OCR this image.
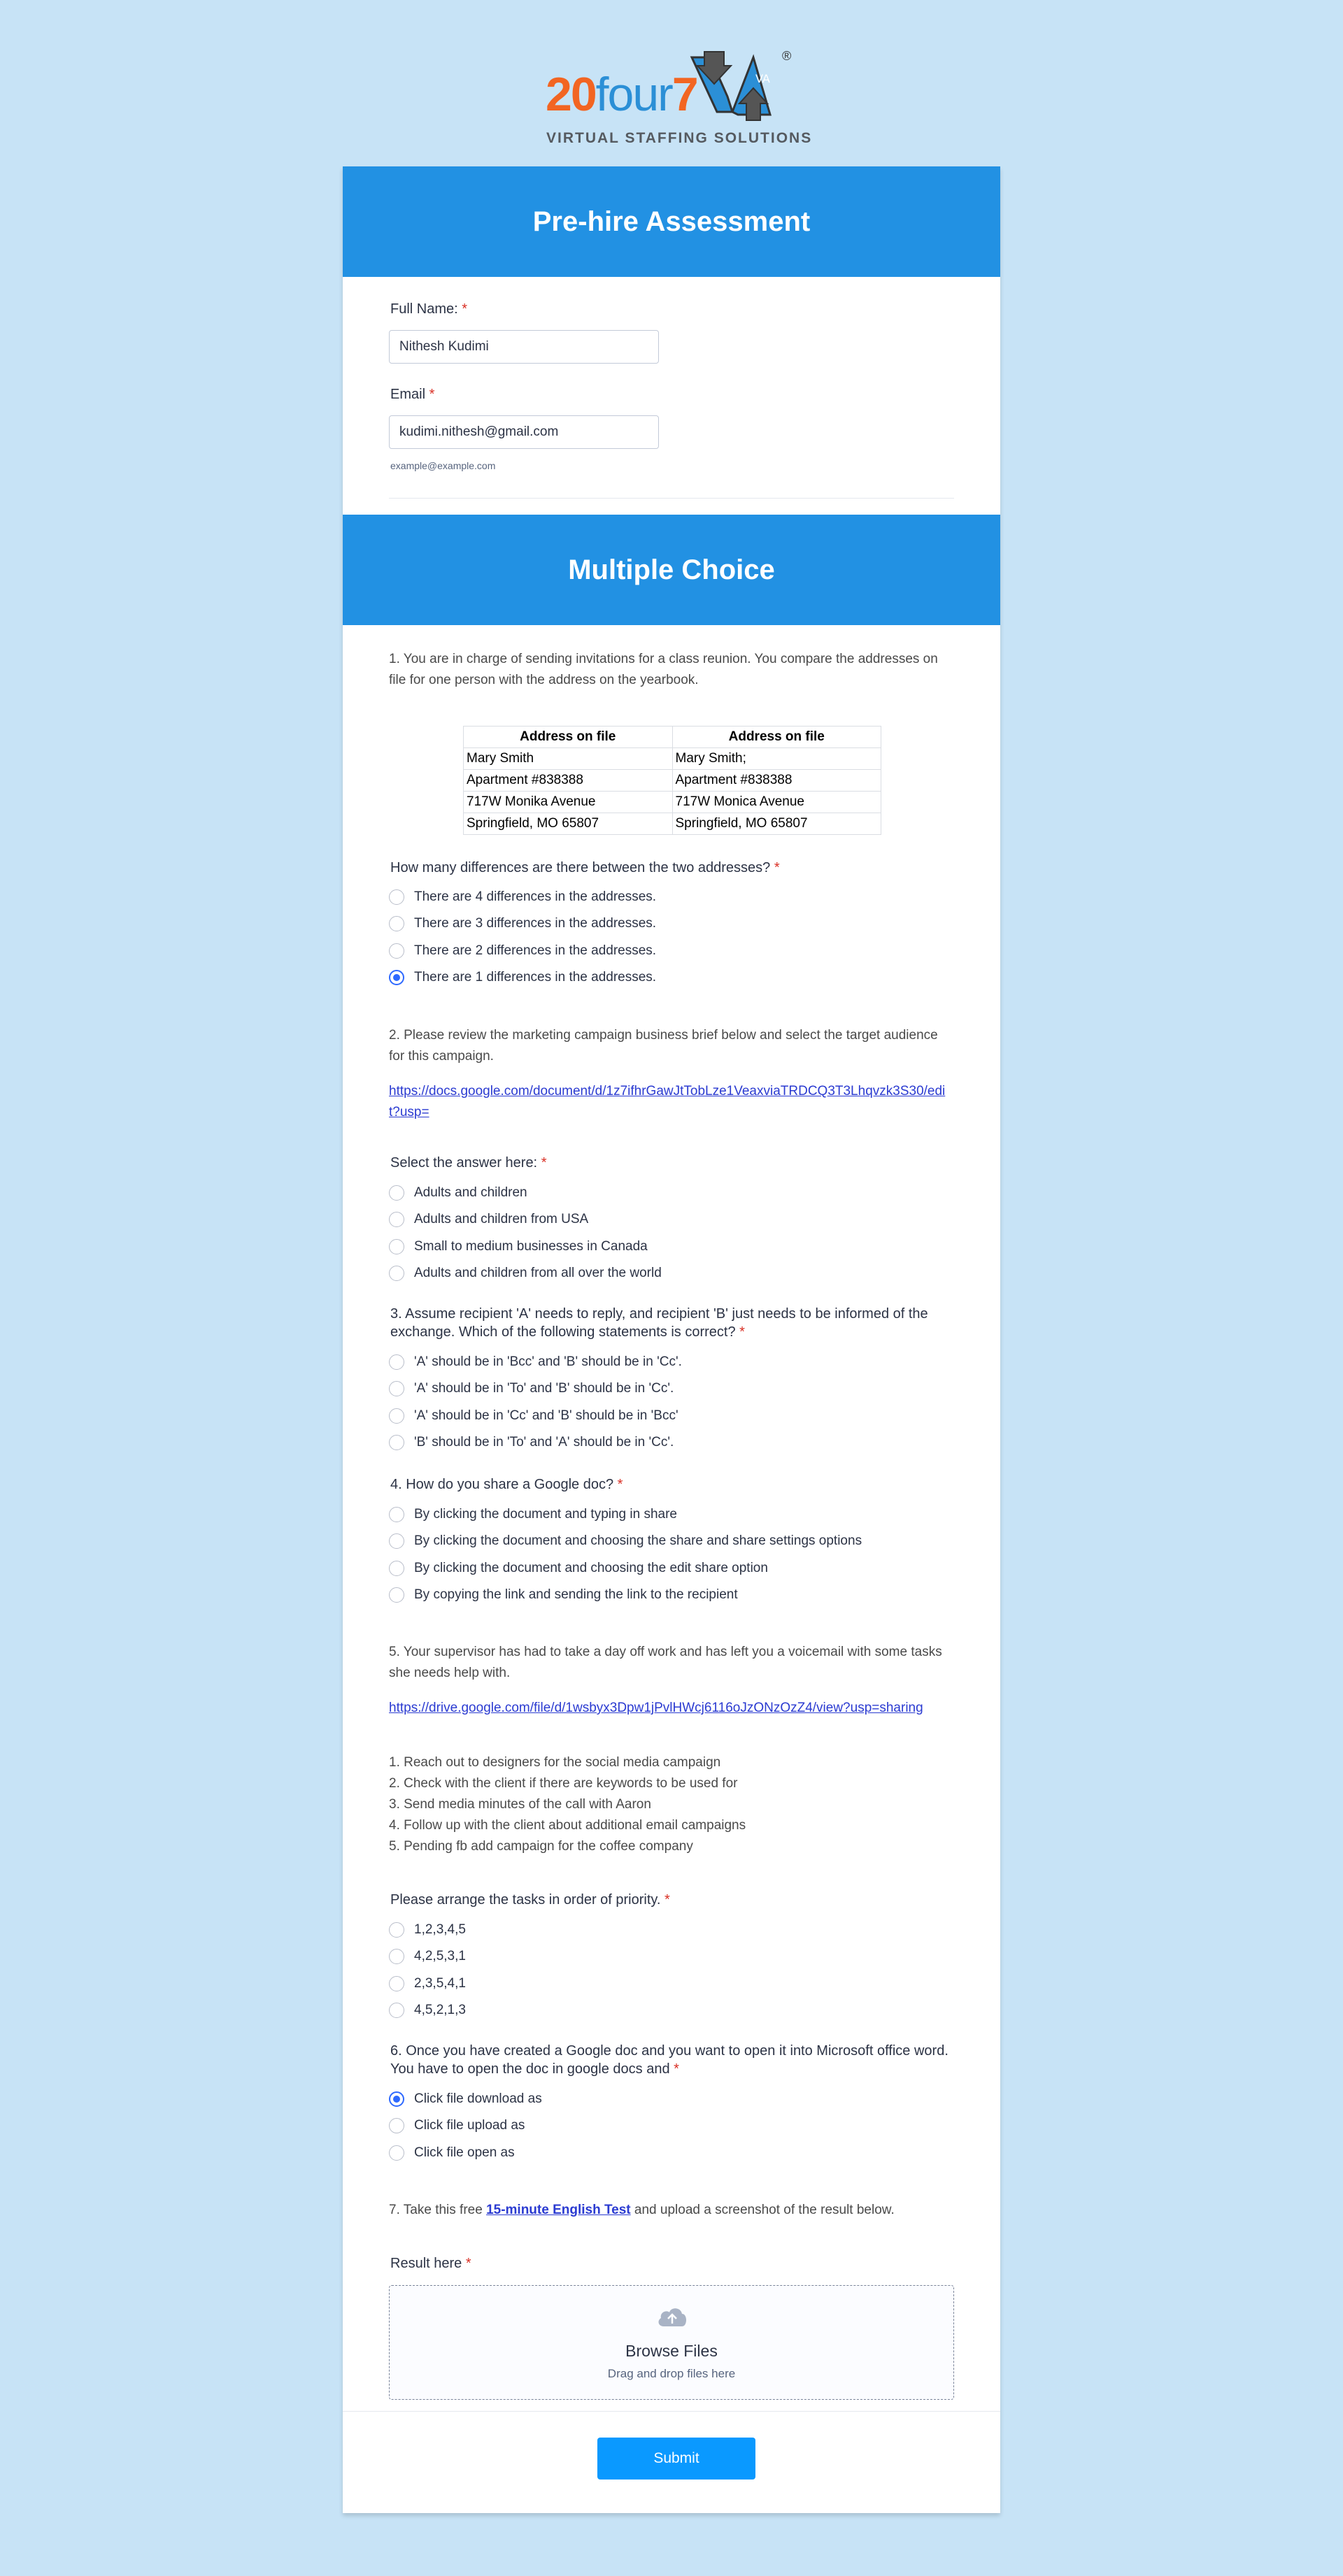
20four7	VA
®
VIRTUAL STAFFING SOLUTIONS
Pre-hire Assessment
Full Name: *
Nithesh Kudimi
Email *
kudimi.nithesh@gmail.com
example@example.com
Multiple Choice
1. You are in charge of sending invitations for a class reunion. You compare the addresses on file for one person with the address on the yearbook.
Address on file	Address on file
Mary Smith	Mary Smith;
Apartment #838388	Apartment #838388
717W Monika Avenue	717W Monica Avenue
Springfield, MO 65807	Springfield, MO 65807
How many differences are there between the two addresses? *
There are 4 differences in the addresses.
There are 3 differences in the addresses.
There are 2 differences in the addresses.
There are 1 differences in the addresses.
2. Please review the marketing campaign business brief below and select the target audience for this campaign.
https://docs.google.com/document/d/1z7ifhrGawJtTobLze1VeaxviaTRDCQ3T3Lhqvzk3S30/edit?usp=
Select the answer here: *
Adults and children
Adults and children from USA
Small to medium businesses in Canada
Adults and children from all over the world
3. Assume recipient 'A' needs to reply, and recipient 'B' just needs to be informed of the exchange. Which of the following statements is correct? *
'A' should be in 'Bcc' and 'B' should be in 'Cc'.
'A' should be in 'To' and 'B' should be in 'Cc'.
'A' should be in 'Cc' and 'B' should be in 'Bcc'
'B' should be in 'To' and 'A' should be in 'Cc'.
4. How do you share a Google doc? *
By clicking the document and typing in share
By clicking the document and choosing the share and share settings options
By clicking the document and choosing the edit share option
By copying the link and sending the link to the recipient
5. Your supervisor has had to take a day off work and has left you a voicemail with some tasks she needs help with.
https://drive.google.com/file/d/1wsbyx3Dpw1jPvlHWcj6116oJzONzOzZ4/view?usp=sharing
1. Reach out to designers for the social media campaign
2. Check with the client if there are keywords to be used for
3. Send media minutes of the call with Aaron
4. Follow up with the client about additional email campaigns
5. Pending fb add campaign for the coffee company
Please arrange the tasks in order of priority. *
1,2,3,4,5
4,2,5,3,1
2,3,5,4,1
4,5,2,1,3
6. Once you have created a Google doc and you want to open it into Microsoft office word. You have to open the doc in google docs and *
Click file download as
Click file upload as
Click file open as
7. Take this free 15-minute English Test and upload a screenshot of the result below.
Result here *
Browse Files
Drag and drop files here
Submit
